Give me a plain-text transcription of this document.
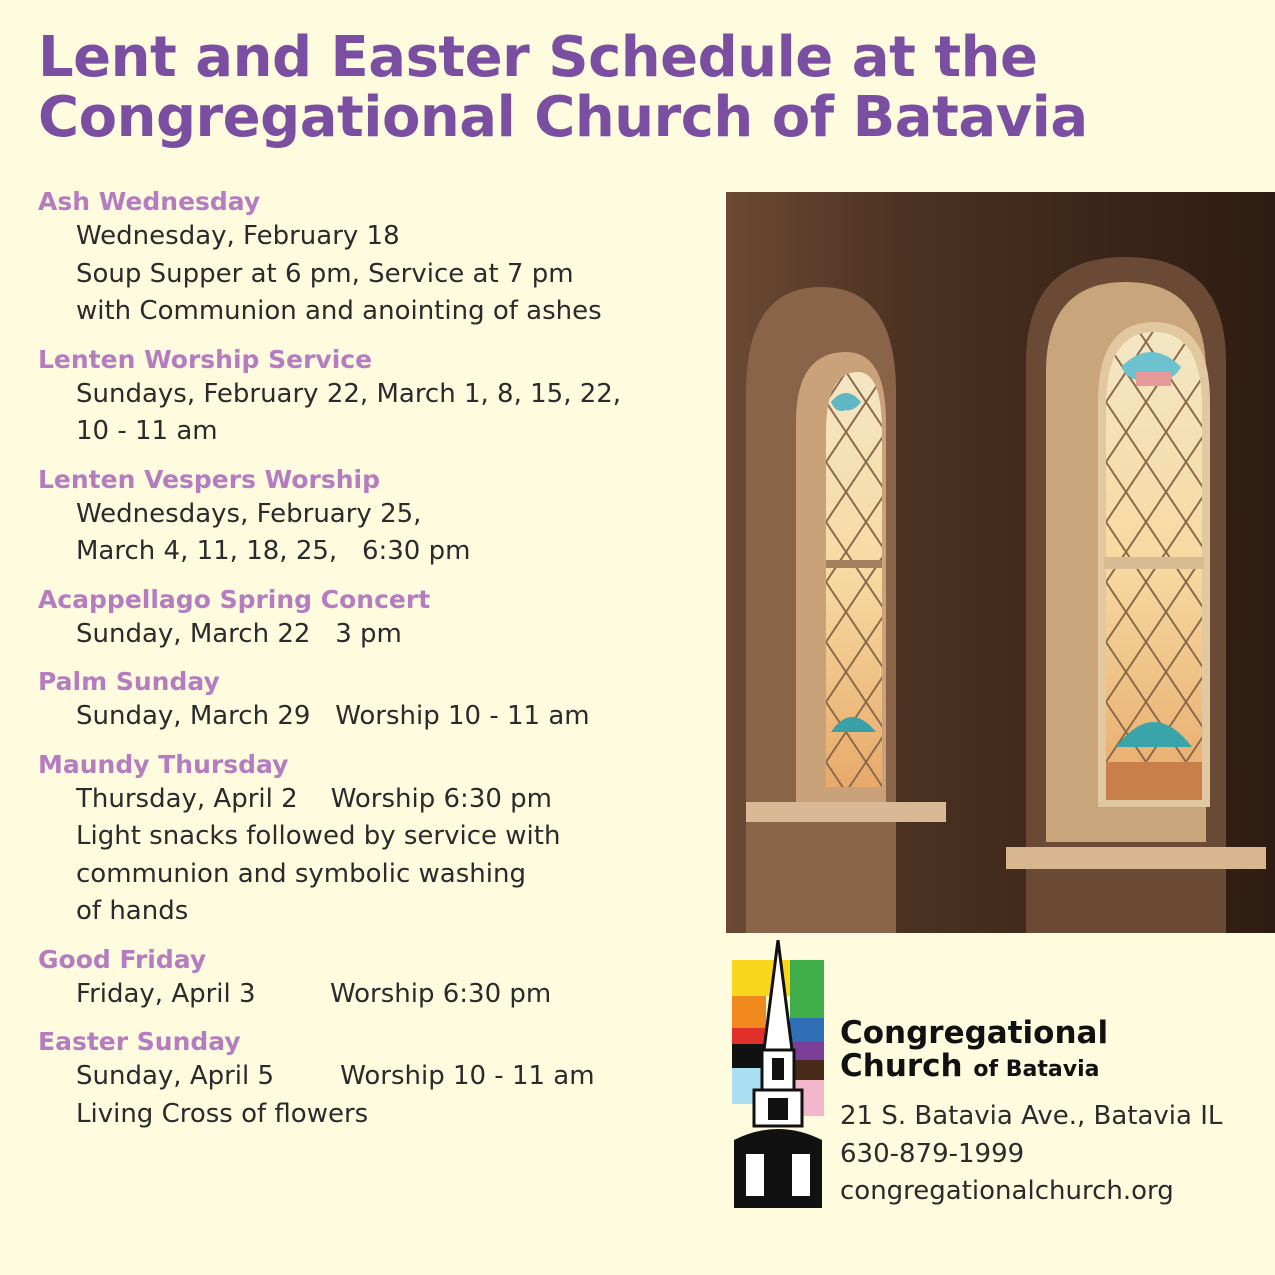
Lent and Easter Schedule at the
Congregational Church of Batavia
Ash Wednesday
Wednesday, February 18
Soup Supper at 6 pm, Service at 7 pm
with Communion and anointing of ashes
Lenten Worship Service
Sundays, February 22, March 1, 8, 15, 22,
10 - 11 am
Lenten Vespers Worship
Wednesdays, February 25,
March 4, 11, 18, 25,   6:30 pm
Acappellago Spring Concert
Sunday, March 22   3 pm
Palm Sunday
Sunday, March 29   Worship 10 - 11 am
Maundy Thursday
Thursday, April 2    Worship 6:30 pm
Light snacks followed by service with
communion and symbolic washing
of hands
Good Friday
Friday, April 3         Worship 6:30 pm
Easter Sunday
Sunday, April 5        Worship 10 - 11 am
Living Cross of flowers
Congregational
Church of Batavia
21 S. Batavia Ave., Batavia IL
630-879-1999
congregationalchurch.org
